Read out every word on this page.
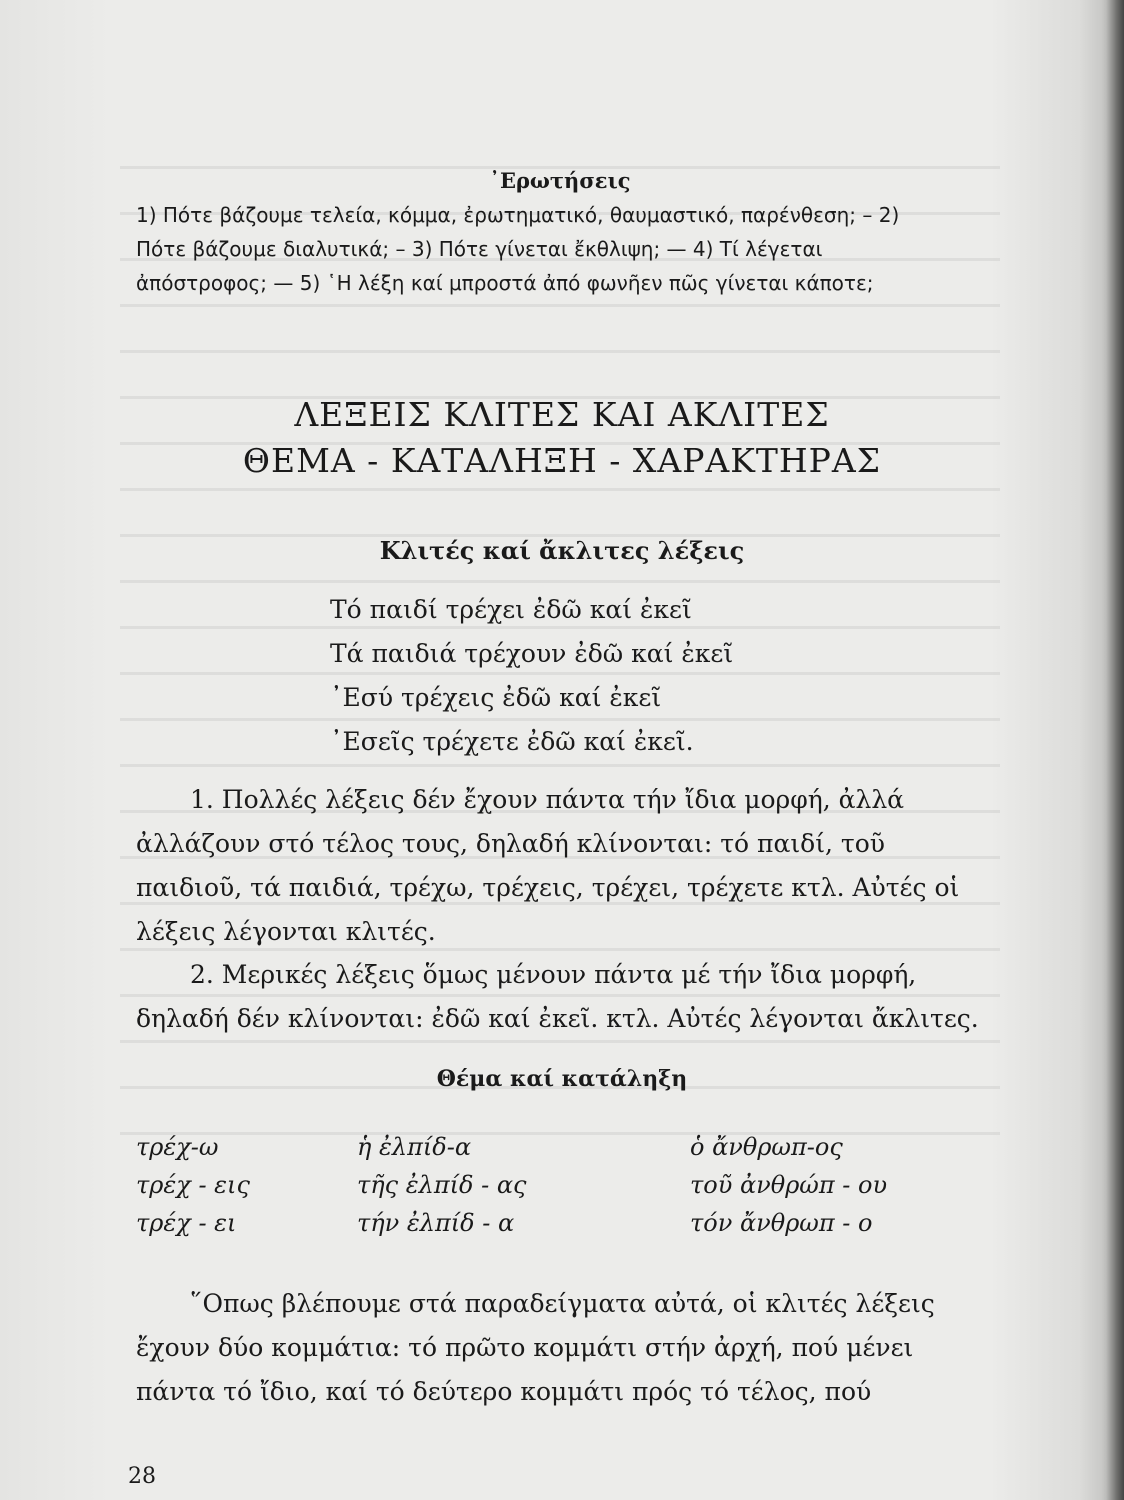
᾿Ερωτήσεις
1) Πότε βάζουμε τελεία, κόμμα, ἐρωτηματικό, θαυμαστικό, παρένθεση; – 2)
Πότε βάζουμε διαλυτικά; – 3) Πότε γίνεται ἔκθλιψη; — 4) Τί λέγεται
ἀπόστροφος; — 5) ῾Η λέξη καί μπροστά ἀπό φωνῆεν πῶς γίνεται κάποτε;
ΛΕΞΕΙΣ ΚΛΙΤΕΣ ΚΑΙ ΑΚΛΙΤΕΣ
ΘΕΜΑ - ΚΑΤΑΛΗΞΗ - ΧΑΡΑΚΤΗΡΑΣ
Κλιτές καί ἄκλιτες λέξεις
Τό παιδί τρέχει ἐδῶ καί ἐκεῖ
Τά παιδιά τρέχουν ἐδῶ καί ἐκεῖ
᾿Εσύ τρέχεις ἐδῶ καί ἐκεῖ
᾿Εσεῖς τρέχετε ἐδῶ καί ἐκεῖ.
1. Πολλές λέξεις δέν ἔχουν πάντα τήν ἴδια μορφή, ἀλλά
ἀλλάζουν στό τέλος τους, δηλαδή κλίνονται: τό παιδί, τοῦ
παιδιοῦ, τά παιδιά, τρέχω, τρέχεις, τρέχει, τρέχετε κτλ. Αὐτές οἱ
λέξεις λέγονται κλιτές.
2. Μερικές λέξεις ὅμως μένουν πάντα μέ τήν ἴδια μορφή,
δηλαδή δέν κλίνονται: ἐδῶ καί ἐκεῖ. κτλ. Αὐτές λέγονται ἄκλιτες.
Θέμα καί κατάληξη
τρέχ-ω
τρέχ - εις
τρέχ - ει
ἡ ἐλπίδ-α
τῆς ἐλπίδ - ας
τήν ἐλπίδ - α
ὁ ἄνθρωπ-ος
τοῦ ἀνθρώπ - ου
τόν ἄνθρωπ - ο
῞Οπως βλέπουμε στά παραδείγματα αὐτά, οἱ κλιτές λέξεις
ἔχουν δύο κομμάτια: τό πρῶτο κομμάτι στήν ἀρχή, πού μένει
πάντα τό ἴδιο, καί τό δεύτερο κομμάτι πρός τό τέλος, πού
28
